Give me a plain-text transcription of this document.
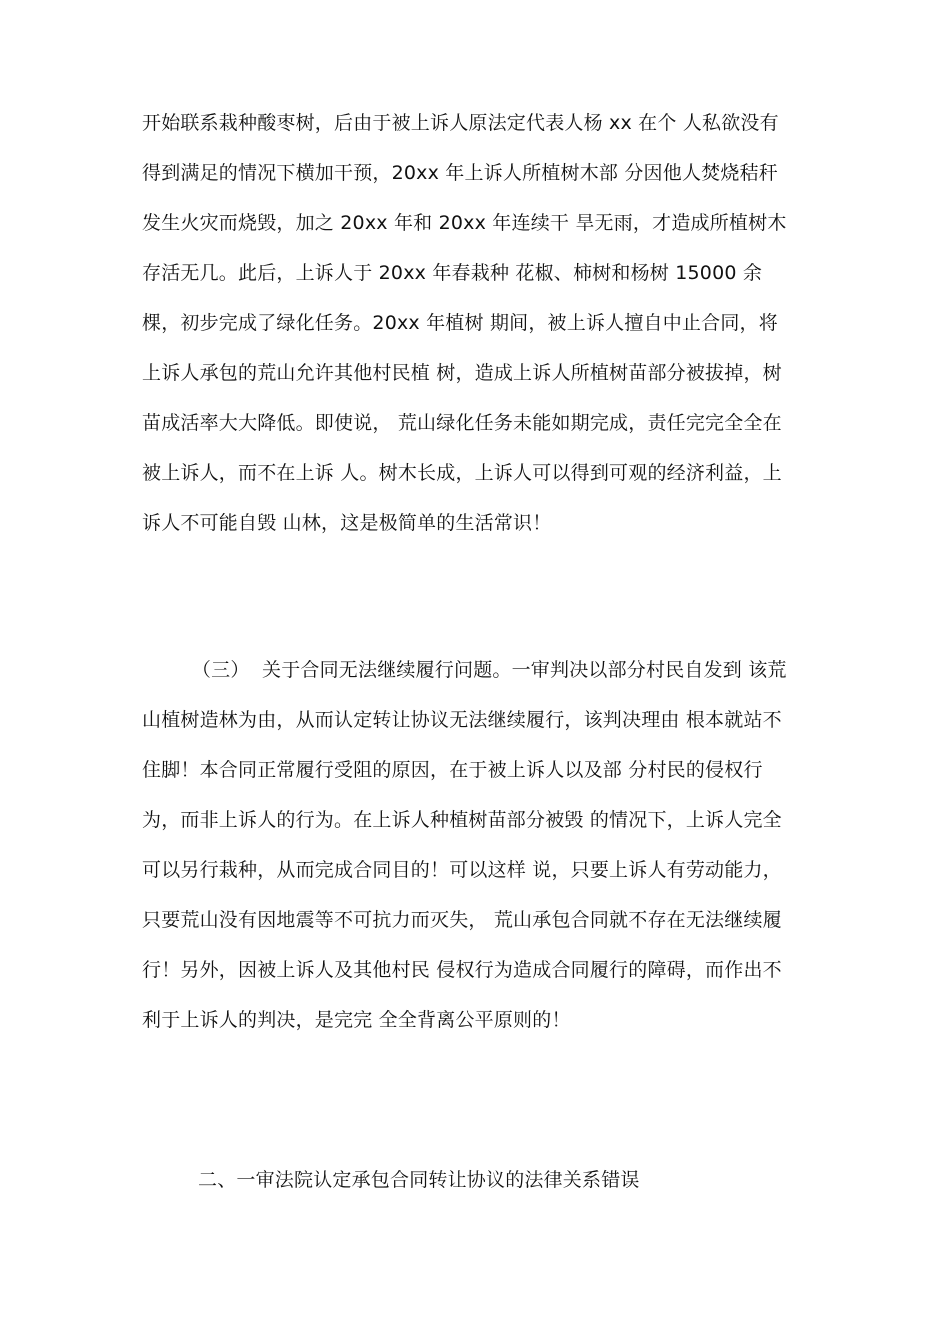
开始联系栽种酸枣树，后由于被上诉人原法定代表人杨 xx 在个 人私欲没有
得到满足的情况下横加干预，20xx 年上诉人所植树木部 分因他人焚烧秸秆
发生火灾而烧毁，加之 20xx 年和 20xx 年连续干 旱无雨，才造成所植树木
存活无几。此后，上诉人于 20xx 年春栽种 花椒、柿树和杨树 15000 余
棵，初步完成了绿化任务。20xx 年植树 期间，被上诉人擅自中止合同，将
上诉人承包的荒山允许其他村民植 树，造成上诉人所植树苗部分被拔掉，树
苗成活率大大降低。即使说， 荒山绿化任务未能如期完成，责任完完全全在
被上诉人，而不在上诉 人。树木长成，上诉人可以得到可观的经济利益，上
诉人不可能自毁 山林，这是极简单的生活常识！
（三）  关于合同无法继续履行问题。一审判决以部分村民自发到 该荒
山植树造林为由，从而认定转让协议无法继续履行，该判决理由 根本就站不
住脚！本合同正常履行受阻的原因，在于被上诉人以及部 分村民的侵权行
为，而非上诉人的行为。在上诉人种植树苗部分被毁 的情况下，上诉人完全
可以另行栽种，从而完成合同目的！可以这样 说，只要上诉人有劳动能力，
只要荒山没有因地震等不可抗力而灭失， 荒山承包合同就不存在无法继续履
行！另外，因被上诉人及其他村民 侵权行为造成合同履行的障碍，而作出不
利于上诉人的判决，是完完 全全背离公平原则的！
二、一审法院认定承包合同转让协议的法律关系错误
